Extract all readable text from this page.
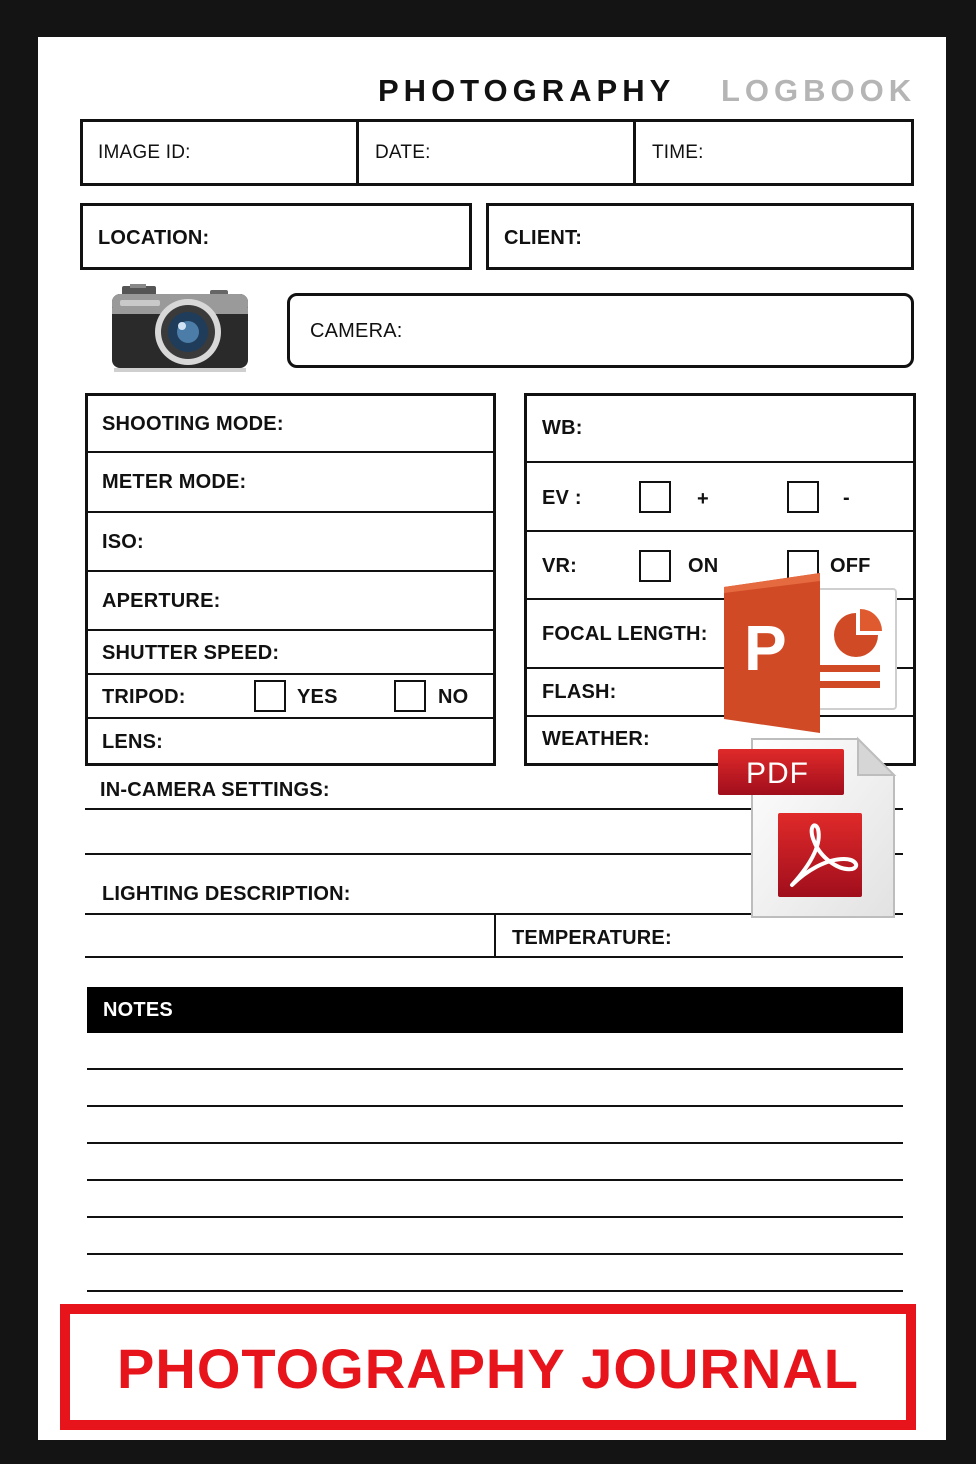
PHOTOGRAPHY LOGBOOK
IMAGE ID:	DATE:	TIME:
LOCATION:	CLIENT:
CAMERA:
SHOOTING MODE:
METER MODE:
ISO:
APERTURE:
SHUTTER SPEED:
TRIPOD:	YES	NO
LENS:
WB:
EV :	+	-
VR:	ON	OFF
FOCAL LENGTH:
FLASH:
WEATHER:
IN-CAMERA SETTINGS:
LIGHTING DESCRIPTION:
TEMPERATURE:
NOTES
P
PDF
PHOTOGRAPHY JOURNAL
